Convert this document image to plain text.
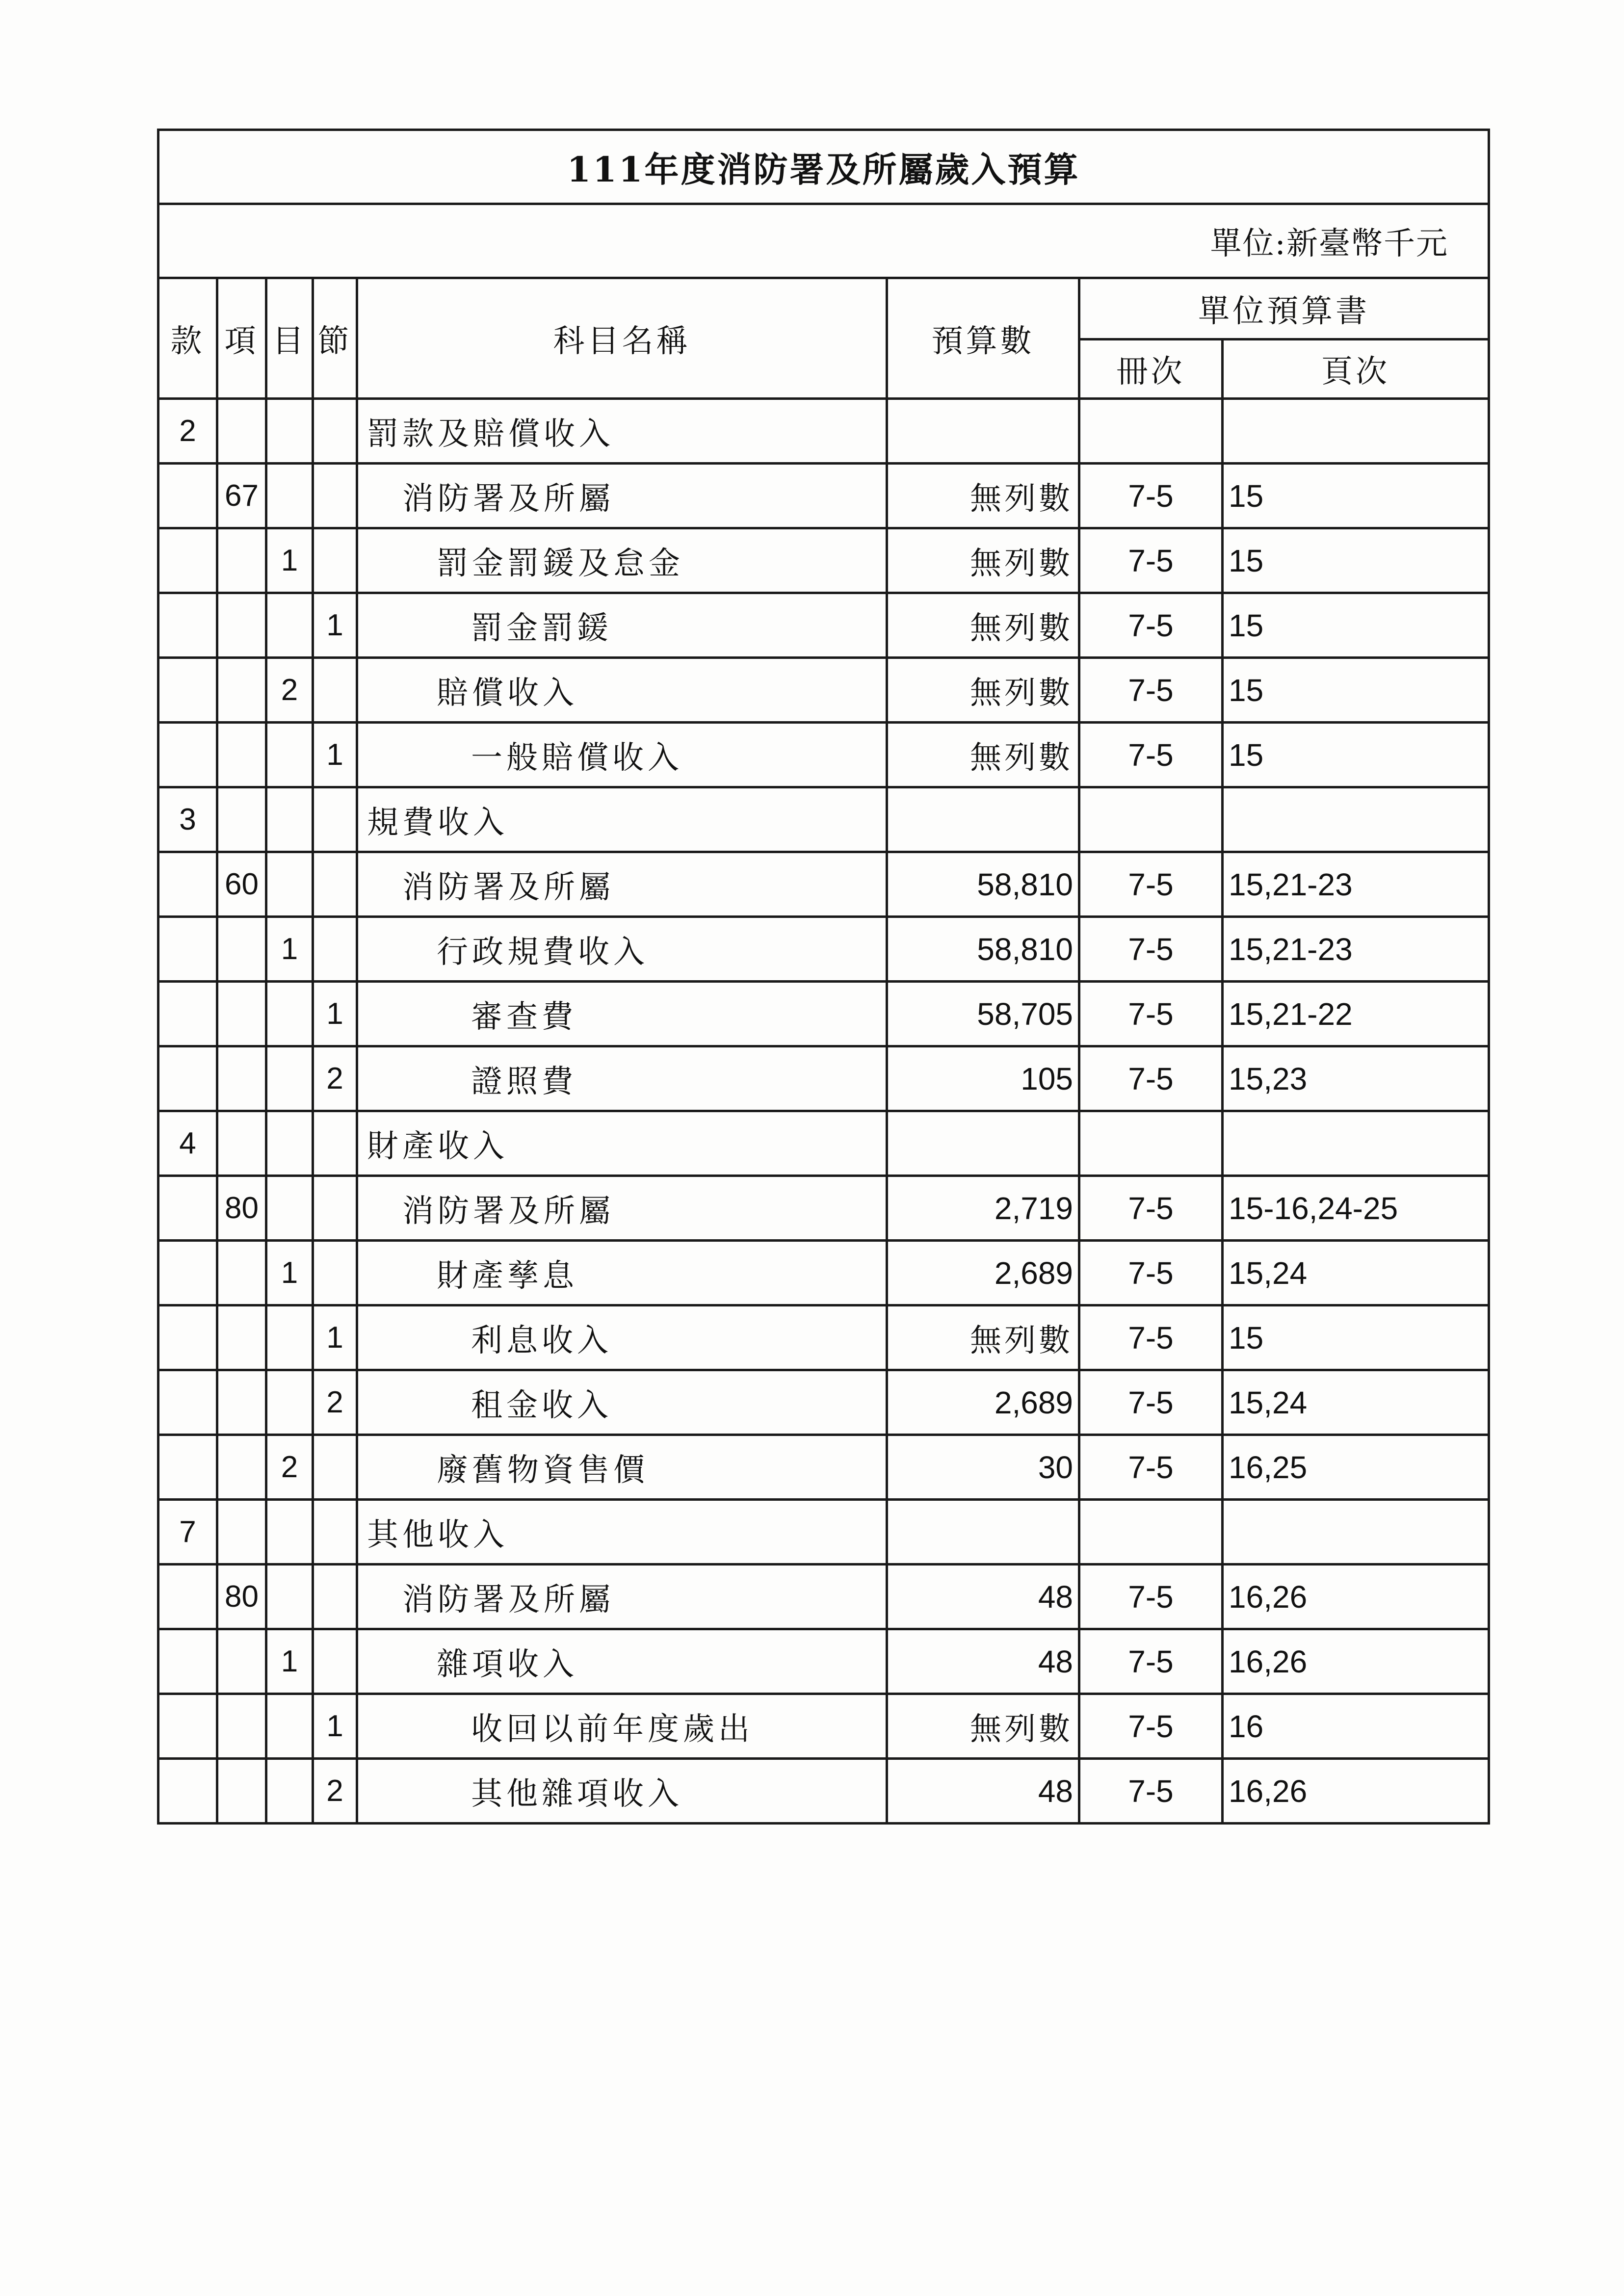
111年度消防署及所屬歲入預算							
單位:新臺幣千元							
款	項	目	節	科目名稱	預算數	單位預算書	
						冊次	頁次
2				罰款及賠償收入			
	67			消防署及所屬	無列數	7-5	15
		1		罰金罰鍰及怠金	無列數	7-5	15
			1	罰金罰鍰	無列數	7-5	15
		2		賠償收入	無列數	7-5	15
			1	一般賠償收入	無列數	7-5	15
3				規費收入			
	60			消防署及所屬	58,810	7-5	15,21-23
		1		行政規費收入	58,810	7-5	15,21-23
			1	審查費	58,705	7-5	15,21-22
			2	證照費	105	7-5	15,23
4				財產收入			
	80			消防署及所屬	2,719	7-5	15-16,24-25
		1		財產孳息	2,689	7-5	15,24
			1	利息收入	無列數	7-5	15
			2	租金收入	2,689	7-5	15,24
		2		廢舊物資售價	30	7-5	16,25
7				其他收入			
	80			消防署及所屬	48	7-5	16,26
		1		雜項收入	48	7-5	16,26
			1	收回以前年度歲出	無列數	7-5	16
			2	其他雜項收入	48	7-5	16,26
